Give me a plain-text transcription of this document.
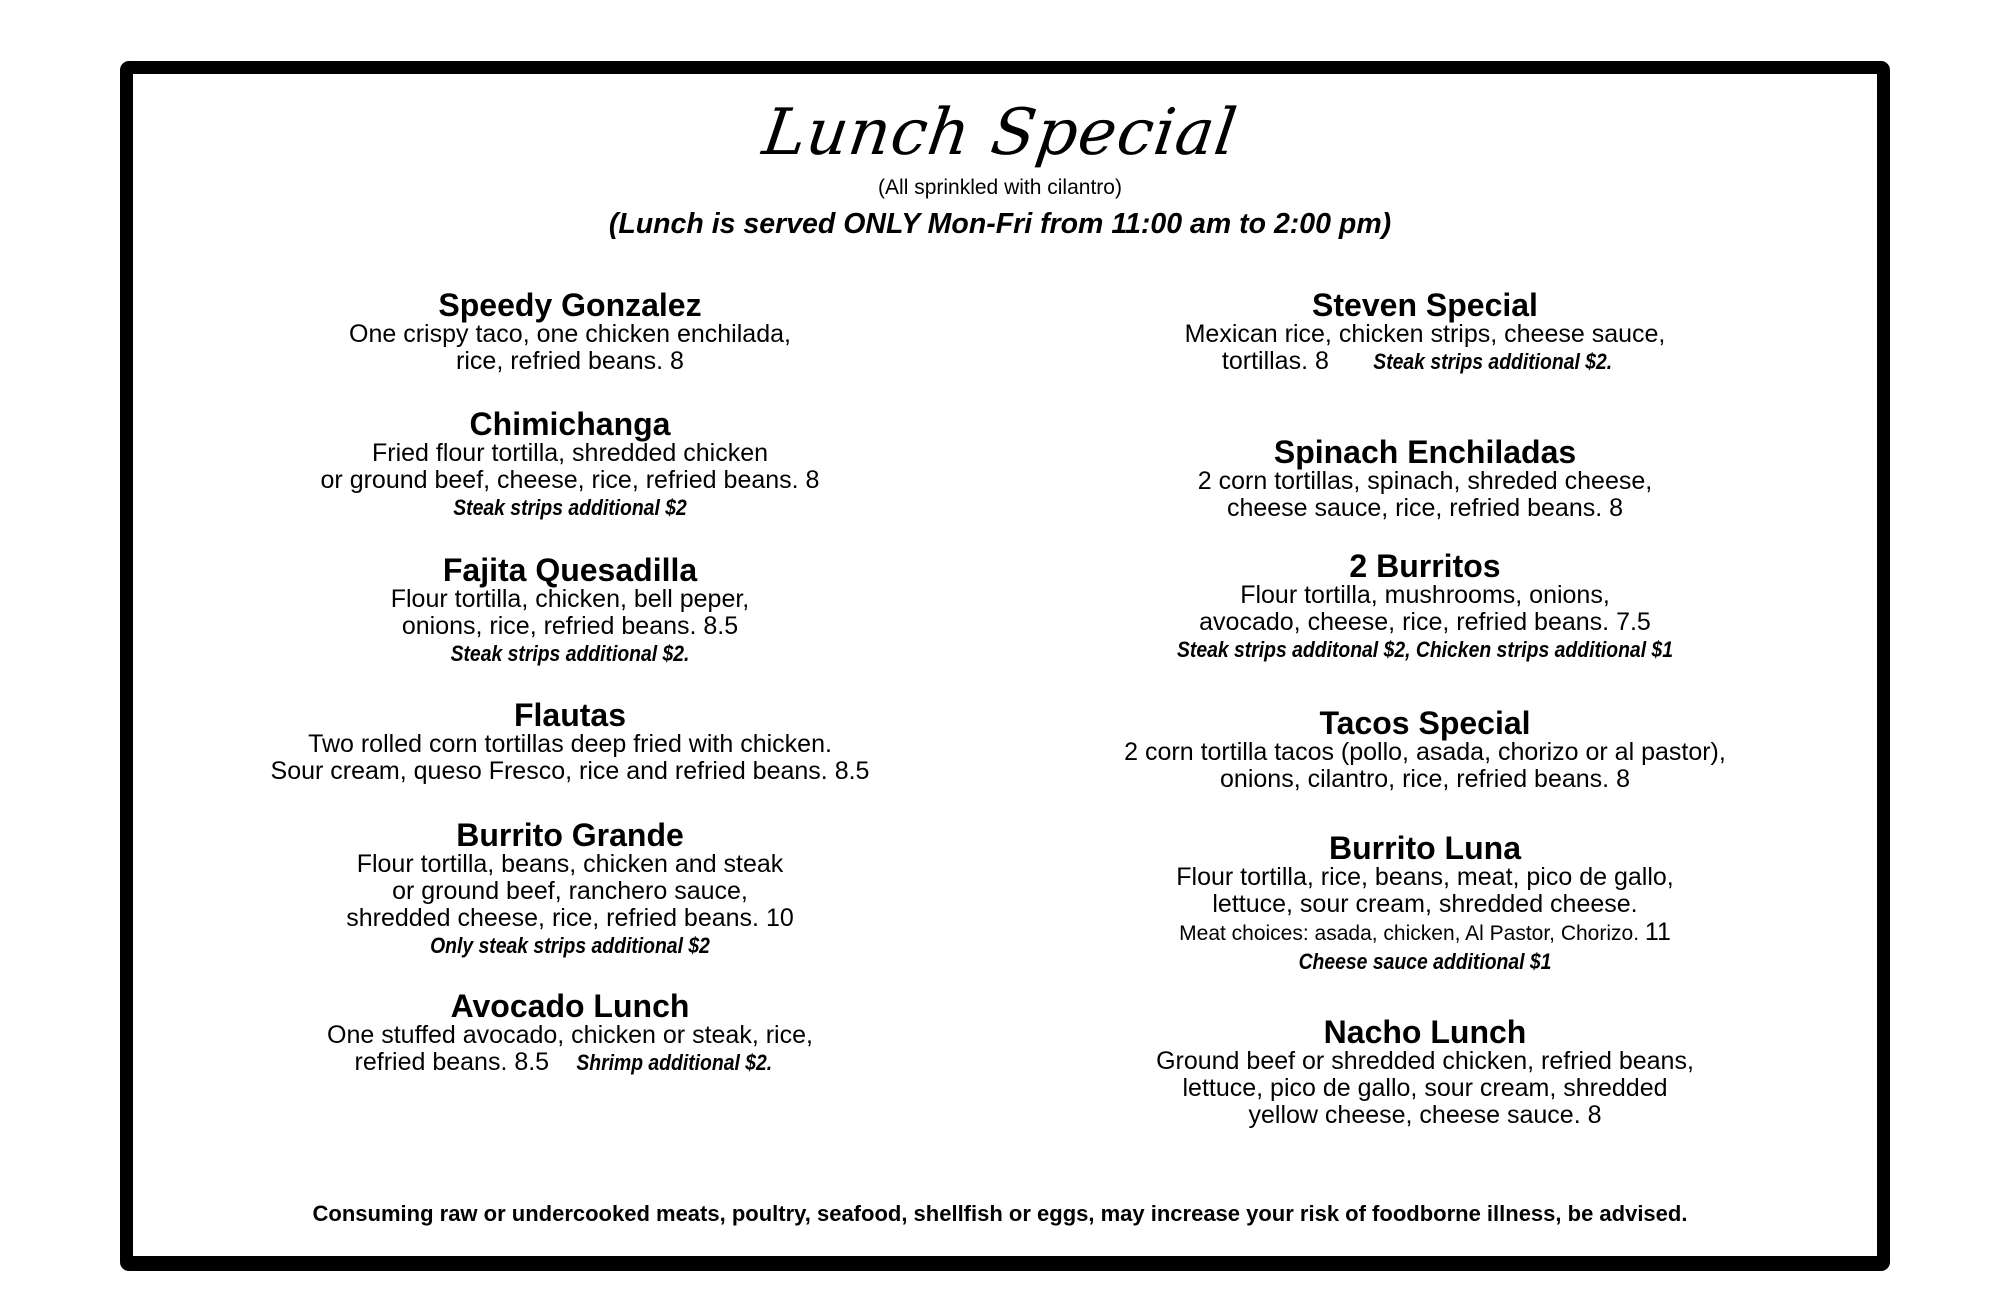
Lunch Special
(All sprinkled with cilantro)
(Lunch is served ONLY Mon-Fri from 11:00 am to 2:00 pm)
Speedy Gonzalez
One crispy taco, one chicken enchilada,
rice, refried beans. 8
Chimichanga
Fried flour tortilla, shredded chicken
or ground beef, cheese, rice, refried beans. 8
Steak strips additional $2
Fajita Quesadilla
Flour tortilla, chicken, bell peper,
onions, rice, refried beans. 8.5
Steak strips additional $2.
Flautas
Two rolled corn tortillas deep fried with chicken.
Sour cream, queso Fresco, rice and refried beans. 8.5
Burrito Grande
Flour tortilla, beans, chicken and steak
or ground beef, ranchero sauce,
shredded cheese, rice, refried beans. 10
Only steak strips additional $2
Avocado Lunch
One stuffed avocado, chicken or steak, rice,
refried beans. 8.5 Shrimp additional $2.
Steven Special
Mexican rice, chicken strips, cheese sauce,
tortillas. 8 Steak strips additional $2.
Spinach Enchiladas
2 corn tortillas, spinach, shreded cheese,
cheese sauce, rice, refried beans. 8
2 Burritos
Flour tortilla, mushrooms, onions,
avocado, cheese, rice, refried beans. 7.5
Steak strips additonal $2, Chicken strips additional $1
Tacos Special
2 corn tortilla tacos (pollo, asada, chorizo or al pastor),
onions, cilantro, rice, refried beans. 8
Burrito Luna
Flour tortilla, rice, beans, meat, pico de gallo,
lettuce, sour cream, shredded cheese.
Meat choices: asada, chicken, Al Pastor, Chorizo. 11
Cheese sauce additional $1
Nacho Lunch
Ground beef or shredded chicken, refried beans,
lettuce, pico de gallo, sour cream, shredded
yellow cheese, cheese sauce. 8
Consuming raw or undercooked meats, poultry, seafood, shellfish or eggs, may increase your risk of foodborne illness, be advised.
